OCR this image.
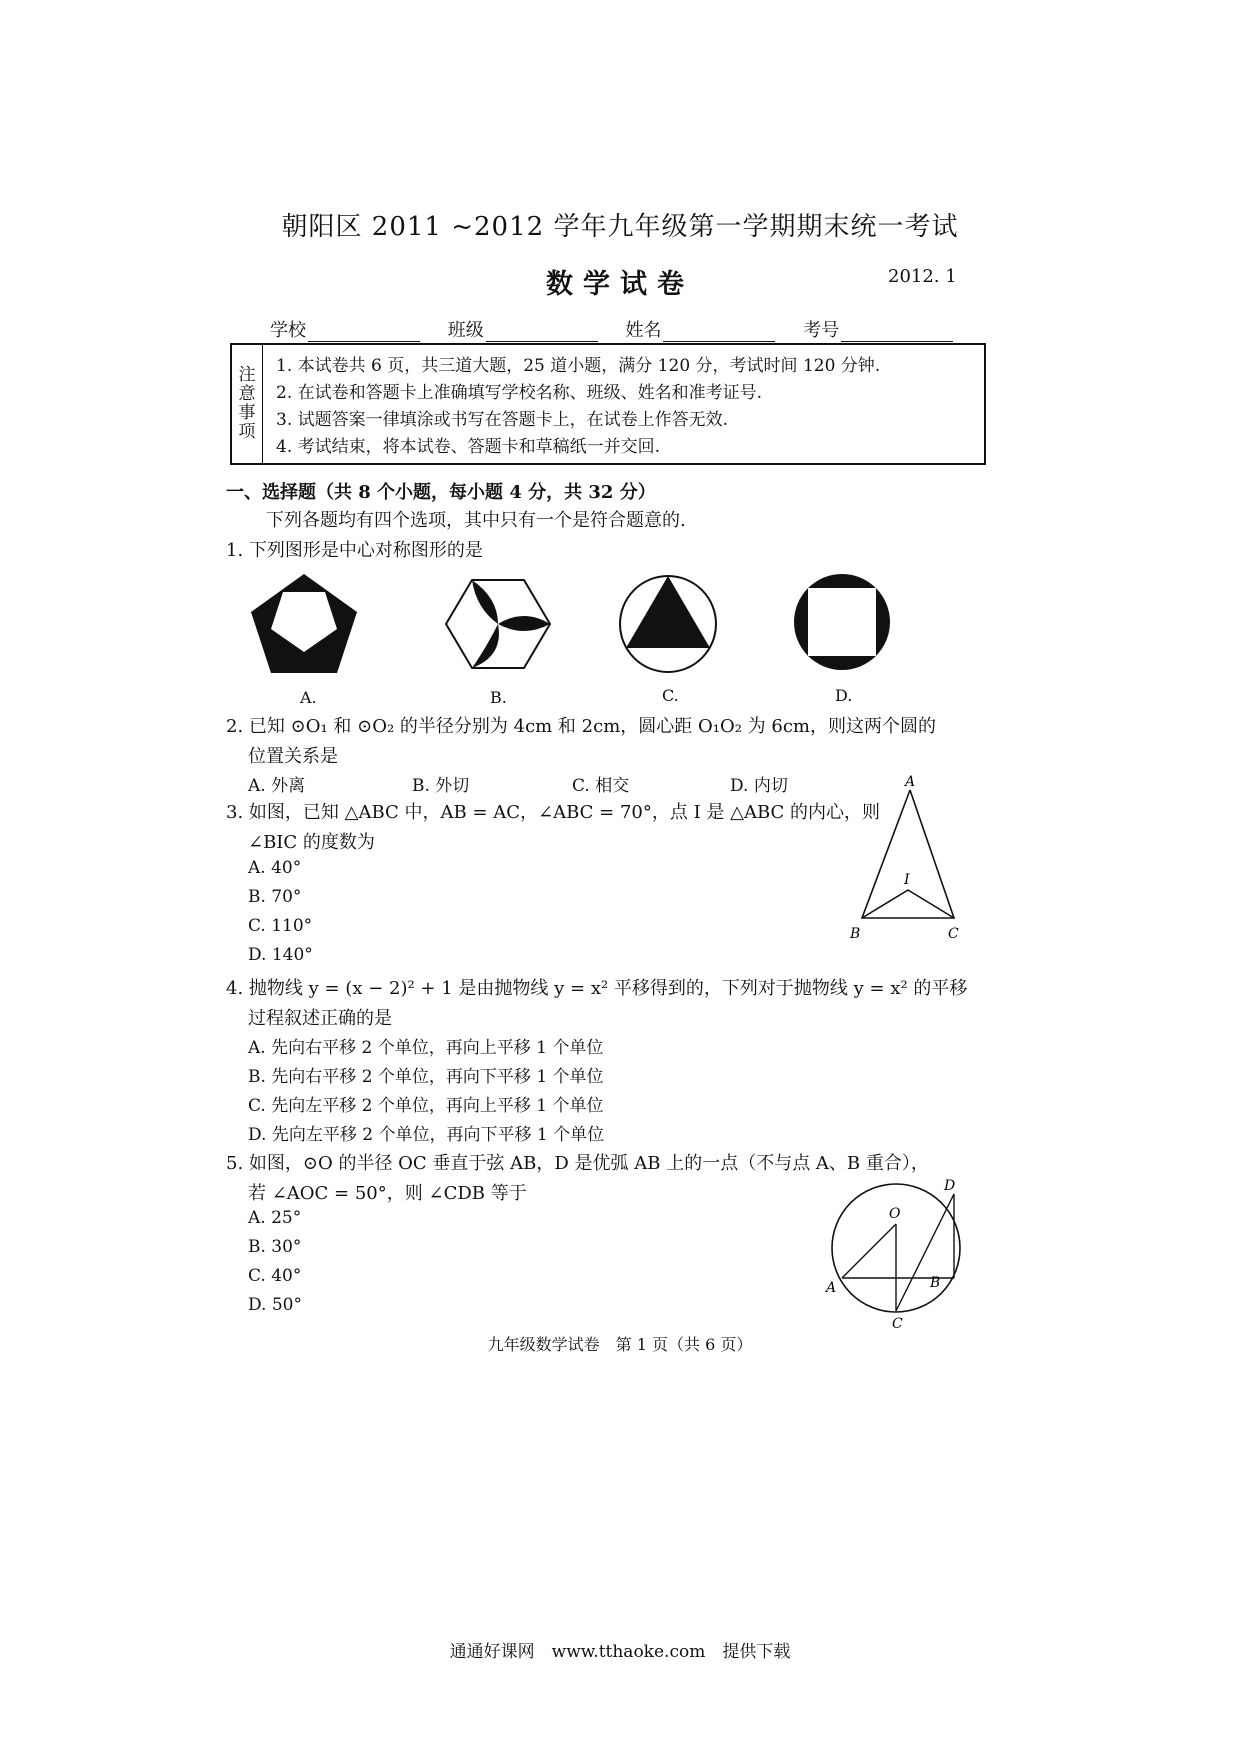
朝阳区 2011 ~2012 学年九年级第一学期期末统一考试
数学试卷	2012. 1
学校	班级	姓名	考号
注
意
事
项
1. 本试卷共 6 页，共三道大题，25 道小题，满分 120 分，考试时间 120 分钟.
2. 在试卷和答题卡上准确填写学校名称、班级、姓名和准考证号.
3. 试题答案一律填涂或书写在答题卡上，在试卷上作答无效.
4. 考试结束，将本试卷、答题卡和草稿纸一并交回.
一、选择题（共 8 个小题，每小题 4 分，共 32 分）
下列各题均有四个选项，其中只有一个是符合题意的.
1. 下列图形是中心对称图形的是
A.	B.	C.	D.
2. 已知 ⊙O₁ 和 ⊙O₂ 的半径分别为 4cm 和 2cm，圆心距 O₁O₂ 为 6cm，则这两个圆的
位置关系是
A. 外离	B. 外切	C. 相交	D. 内切
3. 如图，已知 △ABC 中，AB = AC，∠ABC = 70°，点 I 是 △ABC 的内心，则
∠BIC 的度数为
A. 40°
B. 70°
C. 110°
D. 140°
A
B	C
I
4. 抛物线 y = (x − 2)² + 1 是由抛物线 y = x² 平移得到的，下列对于抛物线 y = x² 的平移
过程叙述正确的是
A. 先向右平移 2 个单位，再向上平移 1 个单位
B. 先向右平移 2 个单位，再向下平移 1 个单位
C. 先向左平移 2 个单位，再向上平移 1 个单位
D. 先向左平移 2 个单位，再向下平移 1 个单位
5. 如图，⊙O 的半径 OC 垂直于弦 AB，D 是优弧 AB 上的一点（不与点 A、B 重合），
若 ∠AOC = 50°，则 ∠CDB 等于
A. 25°
B. 30°
C. 40°
D. 50°
O
A	B
C
D
九年级数学试卷　第 1 页（共 6 页）
通通好课网　www.tthaoke.com　提供下载
